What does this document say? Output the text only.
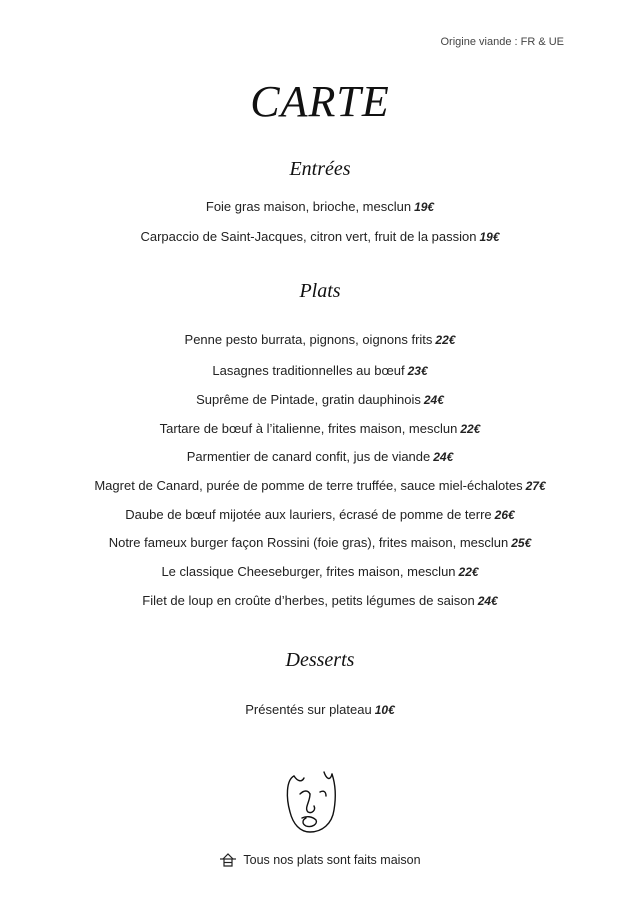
Origine viande : FR & UE
CARTE
Entrées
Foie gras maison, brioche, mesclun 19€
Carpaccio de Saint-Jacques, citron vert, fruit de la passion 19€
Plats
Penne pesto burrata, pignons, oignons frits 22€
Lasagnes traditionnelles au bœuf 23€
Suprême de Pintade, gratin dauphinois 24€
Tartare de bœuf à l’italienne, frites maison, mesclun 22€
Parmentier de canard confit, jus de viande 24€
Magret de Canard, purée de pomme de terre truffée, sauce miel-échalotes 27€
Daube de bœuf mijotée aux lauriers, écrasé de pomme de terre 26€
Notre fameux burger façon Rossini (foie gras), frites maison, mesclun 25€
Le classique Cheeseburger, frites maison, mesclun 22€
Filet de loup en croûte d’herbes, petits légumes de saison 24€
Desserts
Présentés sur plateau 10€
Tous nos plats sont faits maison
